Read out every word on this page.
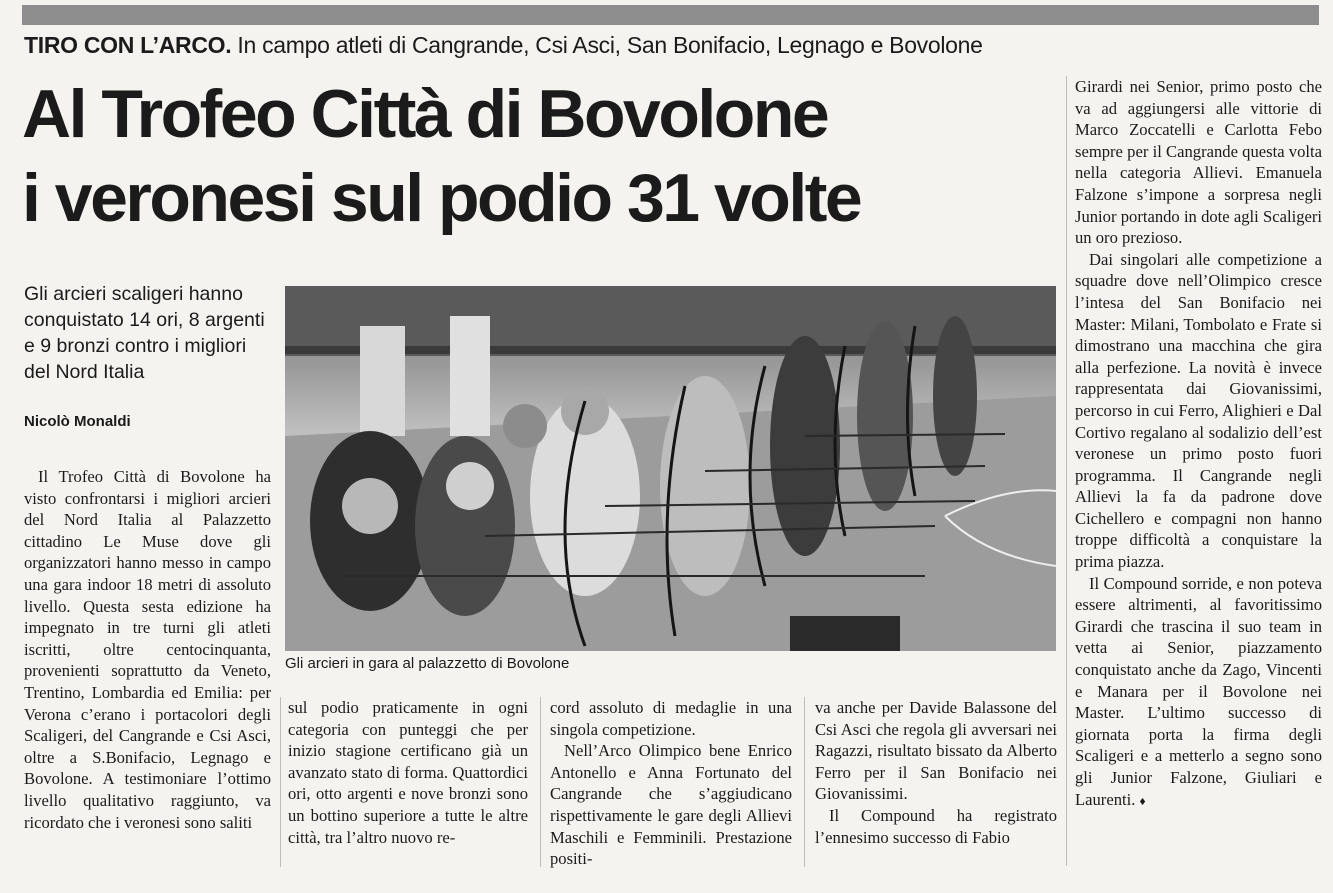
TIRO CON L’ARCO. In campo atleti di Cangrande, Csi Asci, San Bonifacio, Legnago e Bovolone
Al Trofeo Città di Bovolone
i veronesi sul podio 31 volte
Gli arcieri scaligeri hanno conquistato 14 ori, 8 argenti e 9 bronzi contro i migliori del Nord Italia
Nicolò Monaldi

Il Trofeo Città di Bovolone ha visto confrontarsi i migliori arcieri del Nord Italia al Palazzetto cittadino Le Muse dove gli organizzatori hanno messo in campo una gara indoor 18 metri di assoluto livello. Questa sesta edizione ha impegnato in tre turni gli atleti iscritti, oltre centocinquanta, provenienti soprattutto da Veneto, Trentino, Lombardia ed Emilia: per Verona c’erano i portacolori degli Scaligeri, del Cangrande e Csi Asci, oltre a S.Bonifacio, Legnago e Bovolone. A testimoniare l’ottimo livello qualitativo raggiunto, va ricordato che i veronesi sono saliti

Gli arcieri in gara al palazzetto di Bovolone

sul podio praticamente in ogni categoria con punteggi che per inizio stagione certificano già un avanzato stato di forma. Quattordici ori, otto argenti e nove bronzi sono un bottino superiore a tutte le altre città, tra l’altro nuovo re-

cord assoluto di medaglie in una singola competizione.

Nell’Arco Olimpico bene Enrico Antonello e Anna Fortunato del Cangrande che s’aggiudicano rispettivamente le gare degli Allievi Maschili e Femminili. Prestazione positi-

va anche per Davide Balassone del Csi Asci che regola gli avversari nei Ragazzi, risultato bissato da Alberto Ferro per il San Bonifacio nei Giovanissimi.

Il Compound ha registrato l’ennesimo successo di Fabio

Girardi nei Senior, primo posto che va ad aggiungersi alle vittorie di Marco Zoccatelli e Carlotta Febo sempre per il Cangrande questa volta nella categoria Allievi. Emanuela Falzone s’impone a sorpresa negli Junior portando in dote agli Scaligeri un oro prezioso.

Dai singolari alle competizione a squadre dove nell’Olimpico cresce l’intesa del San Bonifacio nei Master: Milani, Tombolato e Frate si dimostrano una macchina che gira alla perfezione. La novità è invece rappresentata dai Giovanissimi, percorso in cui Ferro, Alighieri e Dal Cortivo regalano al sodalizio dell’est veronese un primo posto fuori programma. Il Cangrande negli Allievi la fa da padrone dove Cichellero e compagni non hanno troppe difficoltà a conquistare la prima piazza.

Il Compound sorride, e non poteva essere altrimenti, al favoritissimo Girardi che trascina il suo team in vetta ai Senior, piazzamento conquistato anche da Zago, Vincenti e Manara per il Bovolone nei Master. L’ultimo successo di giornata porta la firma degli Scaligeri e a metterlo a segno sono gli Junior Falzone, Giuliari e Laurenti. ♦
